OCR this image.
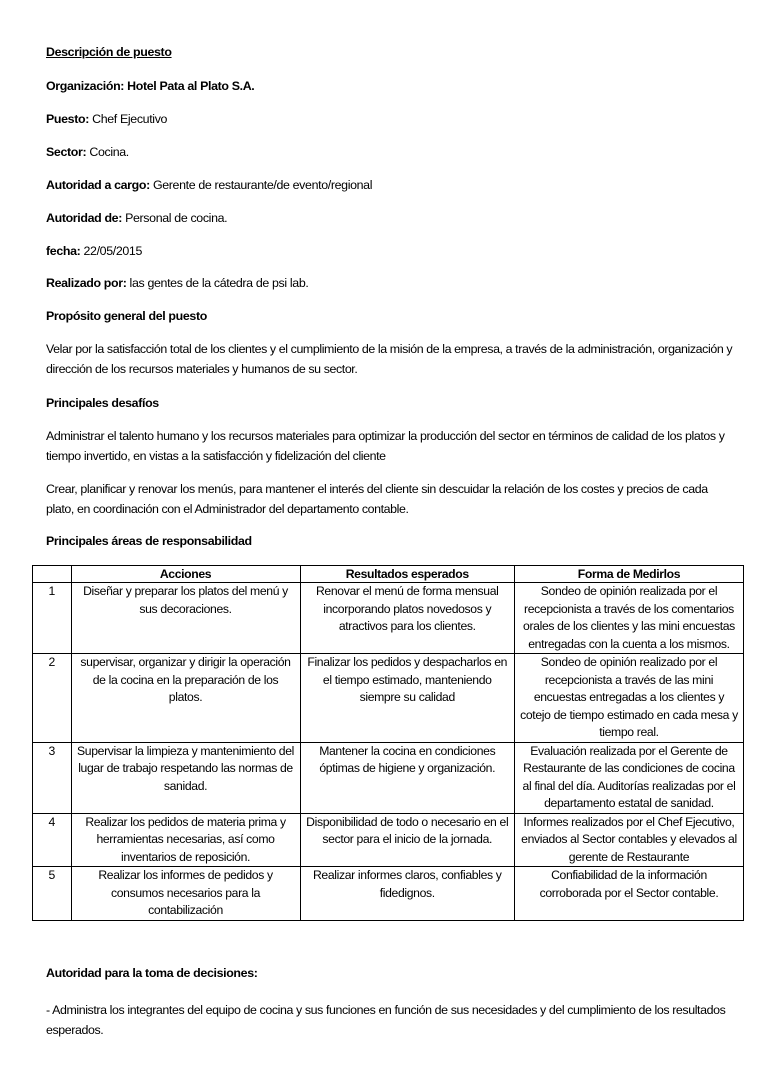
Descripción de puesto
Organización: Hotel Pata al Plato S.A.
Puesto: Chef Ejecutivo
Sector: Cocina.
Autoridad a cargo: Gerente de restaurante/de evento/regional
Autoridad de: Personal de cocina.
fecha: 22/05/2015
Realizado por: las gentes de la cátedra de psi lab.
Propósito general del puesto
Velar por la satisfacción total de los clientes y el cumplimiento de la misión de la empresa, a través de la administración, organización y dirección de los recursos materiales y humanos de su sector.
Principales desafíos
Administrar el talento humano y los recursos materiales para optimizar la producción del sector en términos de calidad de los platos y tiempo invertido, en vistas a la satisfacción y fidelización del cliente
Crear, planificar y renovar los menús, para mantener el interés del cliente sin descuidar la relación de los costes y precios de cada plato, en coordinación con el Administrador del departamento contable.
Principales áreas de responsabilidad
	Acciones	Resultados esperados	Forma de Medirlos
1	Diseñar y preparar los platos del menú y sus decoraciones.	Renovar el menú de forma mensual incorporando platos novedosos y atractivos para los clientes.	Sondeo de opinión realizada por el recepcionista a través de los comentarios orales de los clientes y las mini encuestas entregadas con la cuenta a los mismos.
2	supervisar, organizar y dirigir la operación de la cocina en la preparación de los platos.	Finalizar los pedidos y despacharlos en el tiempo estimado, manteniendo siempre su calidad	Sondeo de opinión realizado por el recepcionista a través de las mini encuestas entregadas a los clientes y cotejo de tiempo estimado en cada mesa y tiempo real.
3	Supervisar la limpieza y mantenimiento del lugar de trabajo respetando las normas de sanidad.	Mantener la cocina en condiciones óptimas de higiene y organización.	Evaluación realizada por el Gerente de Restaurante de las condiciones de cocina al final del día. Auditorías realizadas por el departamento estatal de sanidad.
4	Realizar los pedidos de materia prima y herramientas necesarias, así como inventarios de reposición.	Disponibilidad de todo o necesario en el sector para el inicio de la jornada.	Informes realizados por el Chef Ejecutivo, enviados al Sector contables y elevados al gerente de Restaurante
5	Realizar los informes de pedidos y consumos necesarios para la contabilización	Realizar informes claros, confiables y fidedignos.	Confiabilidad de la información corroborada por el Sector contable.
Autoridad para la toma de decisiones:
- Administra los integrantes del equipo de cocina y sus funciones en función de sus necesidades y del cumplimiento de los resultados esperados.
